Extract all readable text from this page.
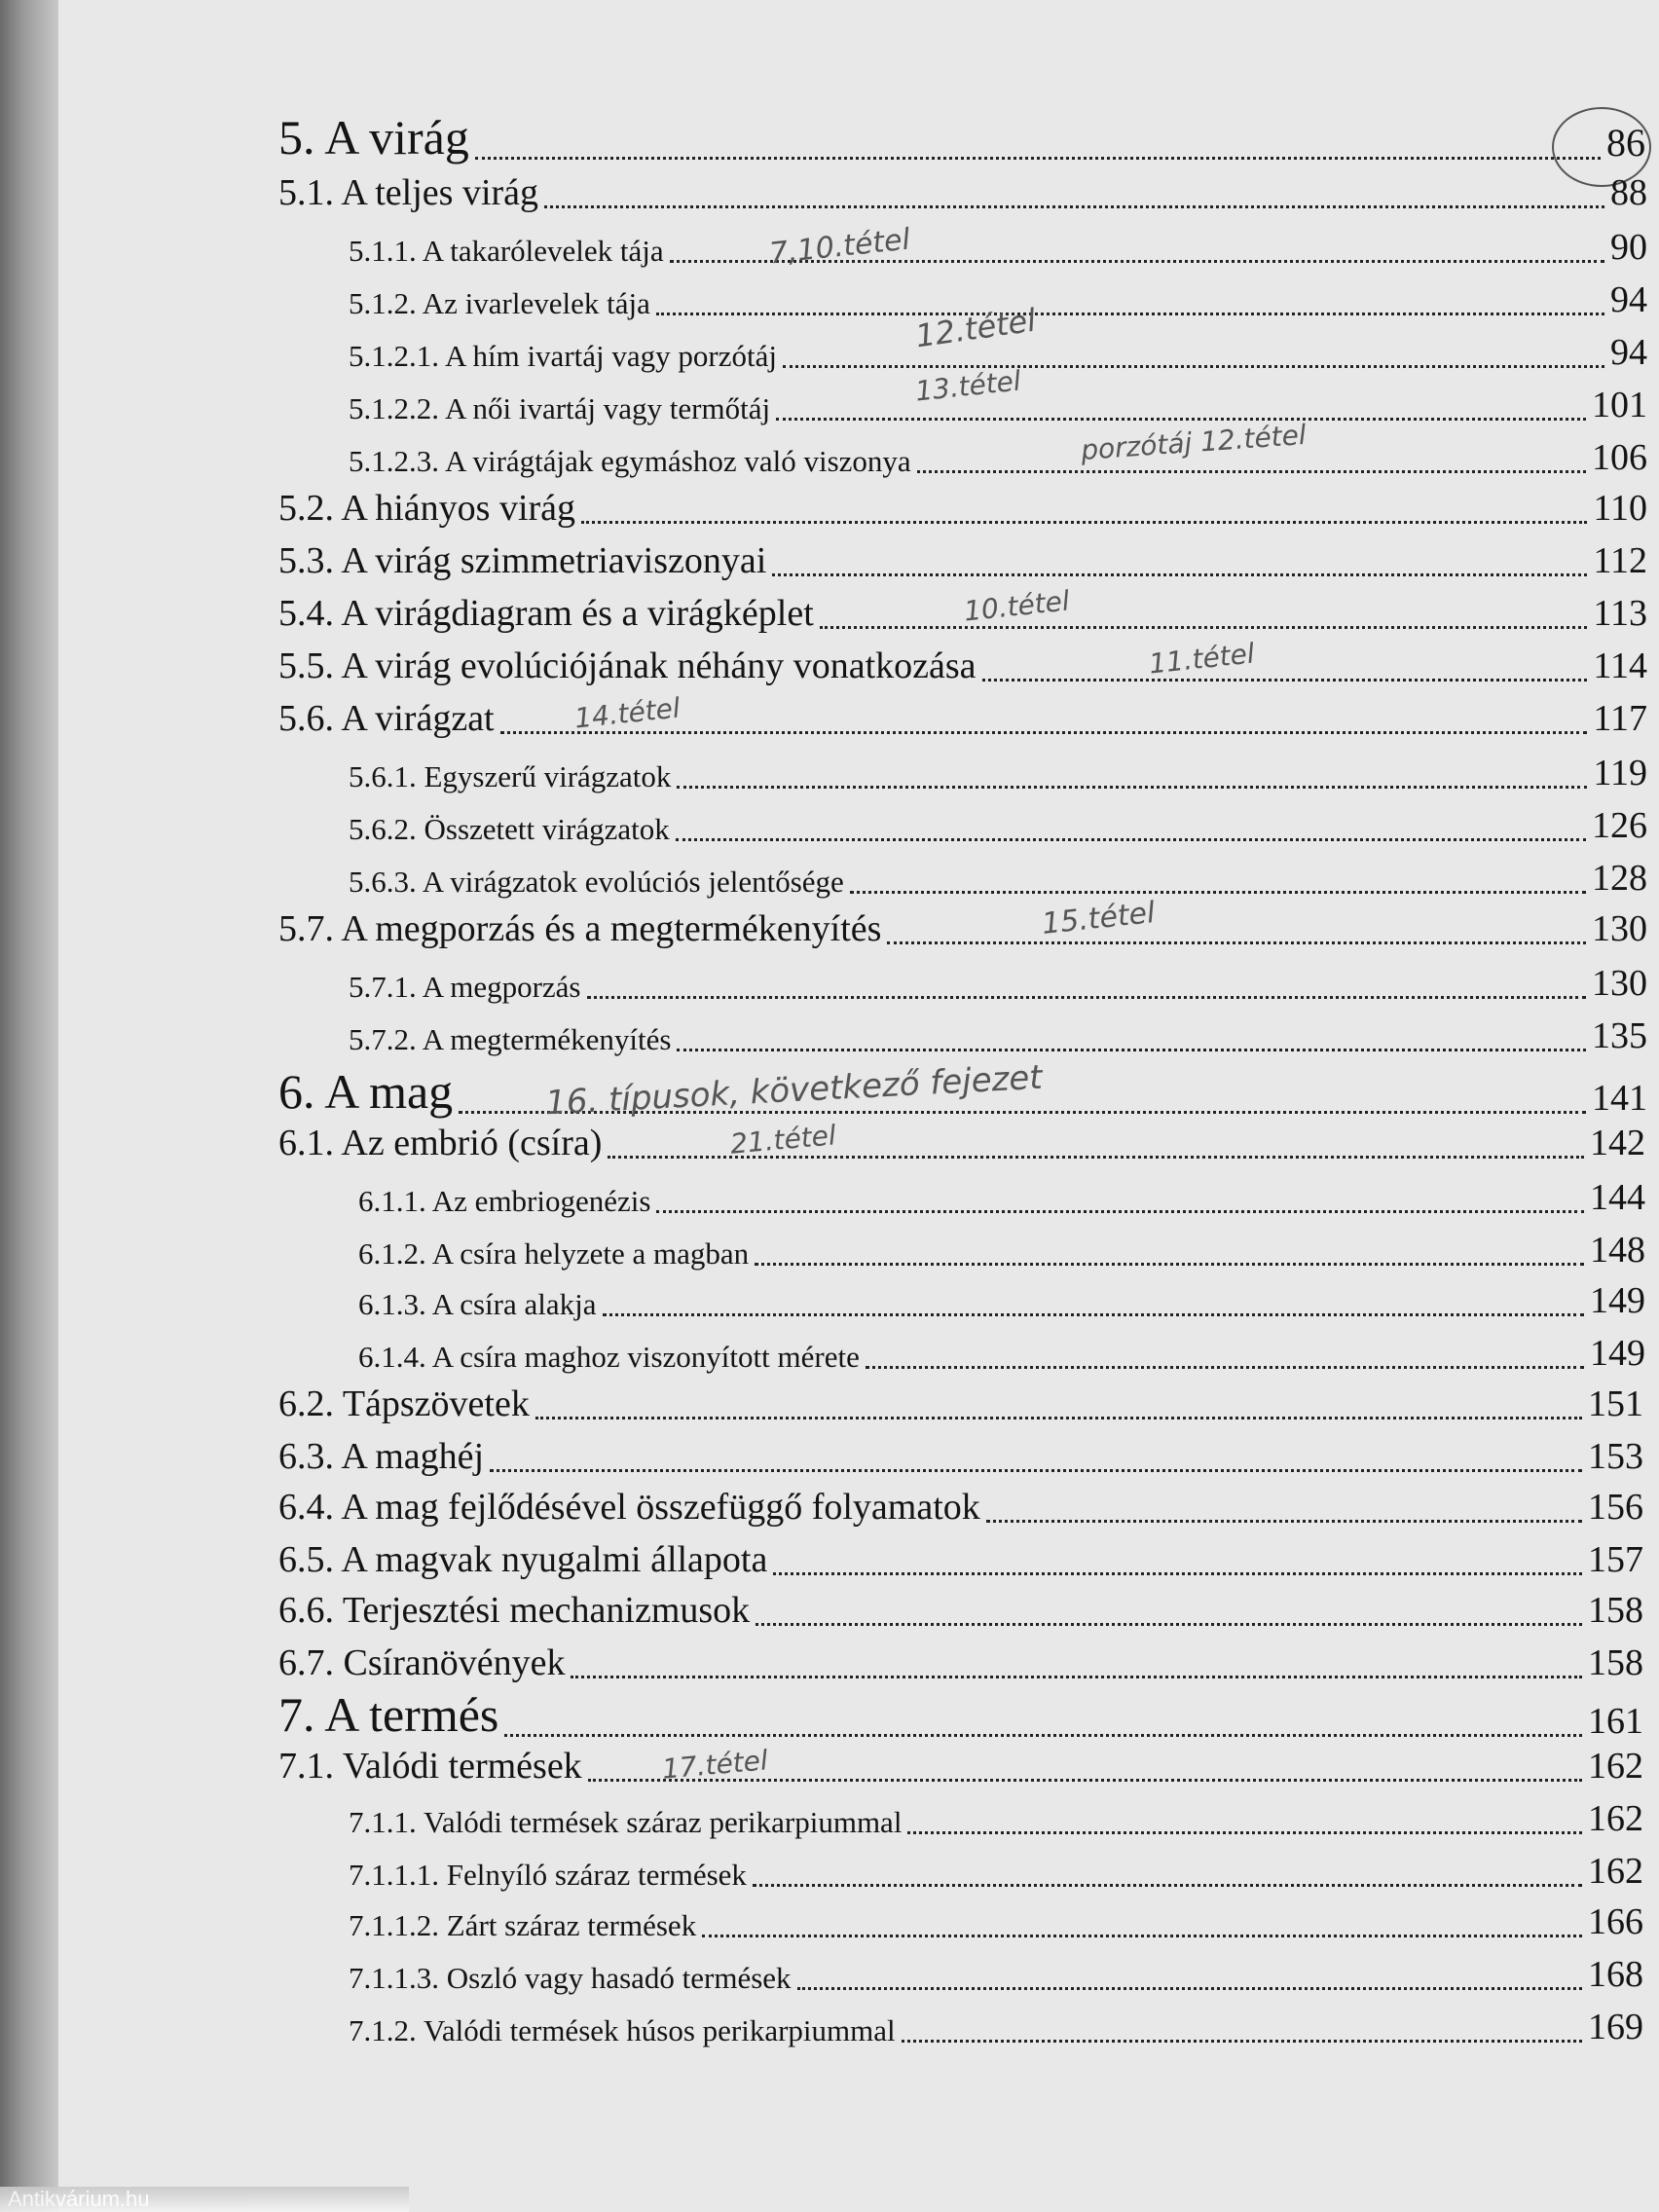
5. A virág	86
5.1. A teljes virág	88
5.1.1. A takarólevelek tája	90
5.1.2. Az ivarlevelek tája	94
5.1.2.1. A hím ivartáj vagy porzótáj	94
5.1.2.2. A női ivartáj vagy termőtáj	101
5.1.2.3. A virágtájak egymáshoz való viszonya	106
5.2. A hiányos virág	110
5.3. A virág szimmetriaviszonyai	112
5.4. A virágdiagram és a virágképlet	113
5.5. A virág evolúciójának néhány vonatkozása	114
5.6. A virágzat	117
5.6.1. Egyszerű virágzatok	119
5.6.2. Összetett virágzatok	126
5.6.3. A virágzatok evolúciós jelentősége	128
5.7. A megporzás és a megtermékenyítés	130
5.7.1. A megporzás	130
5.7.2. A megtermékenyítés	135
6. A mag	141
6.1. Az embrió (csíra)	142
6.1.1. Az embriogenézis	144
6.1.2. A csíra helyzete a magban	148
6.1.3. A csíra alakja	149
6.1.4. A csíra maghoz viszonyított mérete	149
6.2. Tápszövetek	151
6.3. A maghéj	153
6.4. A mag fejlődésével összefüggő folyamatok	156
6.5. A magvak nyugalmi állapota	157
6.6. Terjesztési mechanizmusok	158
6.7. Csíranövények	158
7. A termés	161
7.1. Valódi termések	162
7.1.1. Valódi termések száraz perikarpiummal	162
7.1.1.1. Felnyíló száraz termések	162
7.1.1.2. Zárt száraz termések	166
7.1.1.3. Oszló vagy hasadó termések	168
7.1.2. Valódi termések húsos perikarpiummal	169
7,10.tétel
12.tétel
13.tétel
porzótáj 12.tétel
10.tétel
11.tétel
14.tétel
15.tétel
16. típusok, következő fejezet
21.tétel
17.tétel
Antikvárium.hu
